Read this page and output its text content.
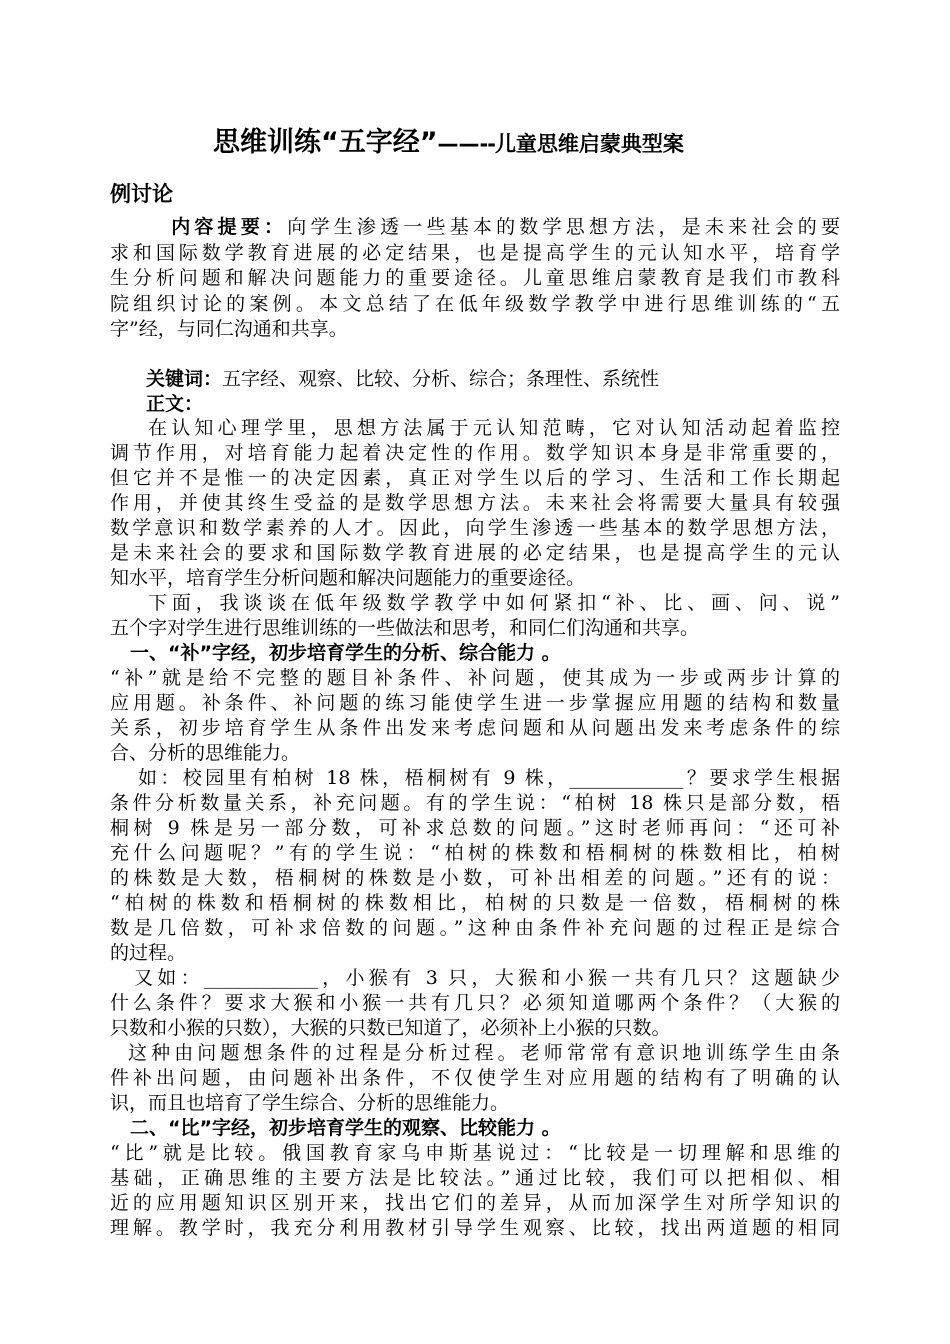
思维训练“五字经”——--儿童思维启蒙典型案
例讨论
内容提要：向学生渗透一些基本的数学思想方法，是未来社会的要
求和国际数学教育进展的必定结果，也是提高学生的元认知水平，培育学
生分析问题和解决问题能力的重要途径。儿童思维启蒙教育是我们市教科
院组织讨论的案例。本文总结了在低年级数学教学中进行思维训练的“五
字”经，与同仁沟通和共享。
关键词：五字经、观察、比较、分析、综合；条理性、系统性
正文：
在认知心理学里，思想方法属于元认知范畴，它对认知活动起着监控
调节作用，对培育能力起着决定性的作用。数学知识本身是非常重要的，
但它并不是惟一的决定因素，真正对学生以后的学习、生活和工作长期起
作用，并使其终生受益的是数学思想方法。未来社会将需要大量具有较强
数学意识和数学素养的人才。因此，向学生渗透一些基本的数学思想方法，
是未来社会的要求和国际数学教育进展的必定结果，也是提高学生的元认
知水平，培育学生分析问题和解决问题能力的重要途径。
下面，我谈谈在低年级数学教学中如何紧扣“补、比、画、问、说”
五个字对学生进行思维训练的一些做法和思考，和同仁们沟通和共享。
一、“补”字经，初步培育学生的分析、综合能力 。
“补”就是给不完整的题目补条件、补问题，使其成为一步或两步计算的
应用题。补条件、补问题的练习能使学生进一步掌握应用题的结构和数量
关系，初步培育学生从条件出发来考虑问题和从问题出发来考虑条件的综
合、分析的思维能力。
如：校园里有柏树 18 株，梧桐树有 9 株，____________？要求学生根据
条件分析数量关系，补充问题。有的学生说：“柏树 18 株只是部分数，梧
桐树 9 株是另一部分数，可补求总数的问题。”这时老师再问：“还可补
充什么问题呢？”有的学生说：“柏树的株数和梧桐树的株数相比，柏树
的株数是大数，梧桐树的株数是小数，可补出相差的问题。”还有的说：
“柏树的株数和梧桐树的株数相比，柏树的只数是一倍数，梧桐树的株
数是几倍数，可补求倍数的问题。”这种由条件补充问题的过程正是综合
的过程。
又如：____________，小猴有 3 只，大猴和小猴一共有几只？这题缺少
什么条件？要求大猴和小猴一共有几只？必须知道哪两个条件？（大猴的
只数和小猴的只数），大猴的只数已知道了，必须补上小猴的只数。
这种由问题想条件的过程是分析过程。老师常常有意识地训练学生由条
件补出问题，由问题补出条件，不仅使学生对应用题的结构有了明确的认
识，而且也培育了学生综合、分析的思维能力。
二、“比”字经，初步培育学生的观察、比较能力 。
“比”就是比较。俄国教育家乌申斯基说过：“比较是一切理解和思维的
基础，正确思维的主要方法是比较法。”通过比较，我们可以把相似、相
近的应用题知识区别开来，找出它们的差异，从而加深学生对所学知识的
理解。教学时，我充分利用教材引导学生观察、比较，找出两道题的相同
